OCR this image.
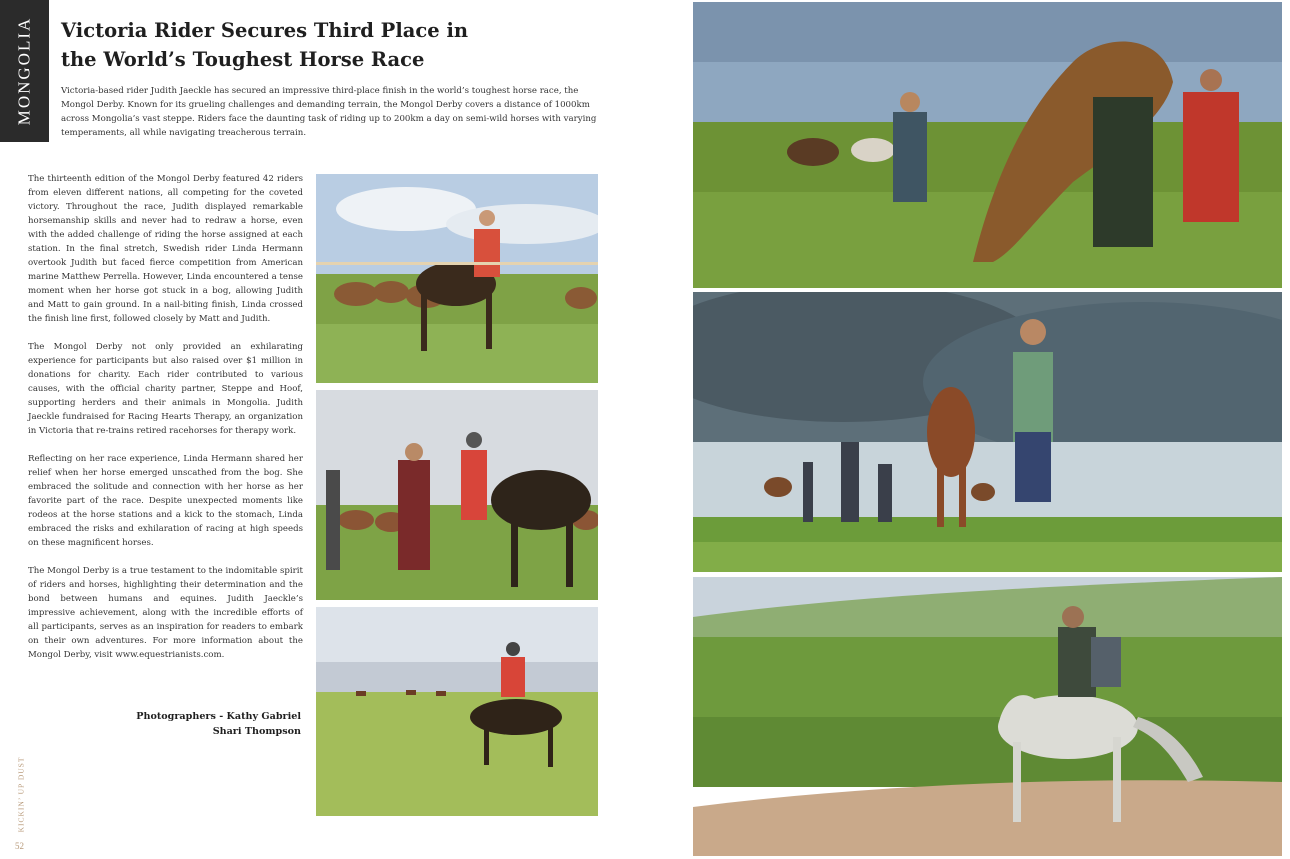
MONGOLIA Victoria Rider Secures Third Place in the World’s Toughest Horse Race

Victoria-based rider Judith Jaeckle has secured an impressive third-place finish in the world’s toughest horse race, the Mongol Derby. Known for its grueling challenges and demanding terrain, the Mongol Derby covers a distance of 1000km across Mongolia’s vast steppe. Riders face the daunting task of riding up to 200km a day on semi-wild horses with varying temperaments, all while navigating treacherous terrain.

The thirteenth edition of the Mongol Derby featured 42 riders from eleven different nations, all competing for the coveted victory. Throughout the race, Judith displayed remarkable horsemanship skills and never had to redraw a horse, even with the added challenge of riding the horse assigned at each station. In the final stretch, Swedish rider Linda Hermann overtook Judith but faced fierce competition from American marine Matthew Perrella. However, Linda encountered a tense moment when her horse got stuck in a bog, allowing Judith and Matt to gain ground. In a nail-biting finish, Linda crossed the finish line first, followed closely by Matt and Judith.

The Mongol Derby not only provided an exhilarating experience for participants but also raised over $1 million in donations for charity. Each rider contributed to various causes, with the official charity partner, Steppe and Hoof, supporting herders and their animals in Mongolia. Judith Jaeckle fundraised for Racing Hearts Therapy, an organization in Victoria that re-trains retired racehorses for therapy work.

Reflecting on her race experience, Linda Hermann shared her relief when her horse emerged unscathed from the bog. She embraced the solitude and connection with her horse as her favorite part of the race. Despite unexpected moments like rodeos at the horse stations and a kick to the stomach, Linda embraced the risks and exhilaration of racing at high speeds on these magnificent horses.

The Mongol Derby is a true testament to the indomitable spirit of riders and horses, highlighting their determination and the bond between humans and equines. Judith Jaeckle’s impressive achievement, along with the incredible efforts of all participants, serves as an inspiration for readers to embark on their own adventures. For more information about the Mongol Derby, visit www.equestrianists.com.

Photographers - Kathy Gabriel
Shari Thompson
KICKIN’ UP DUST
52
